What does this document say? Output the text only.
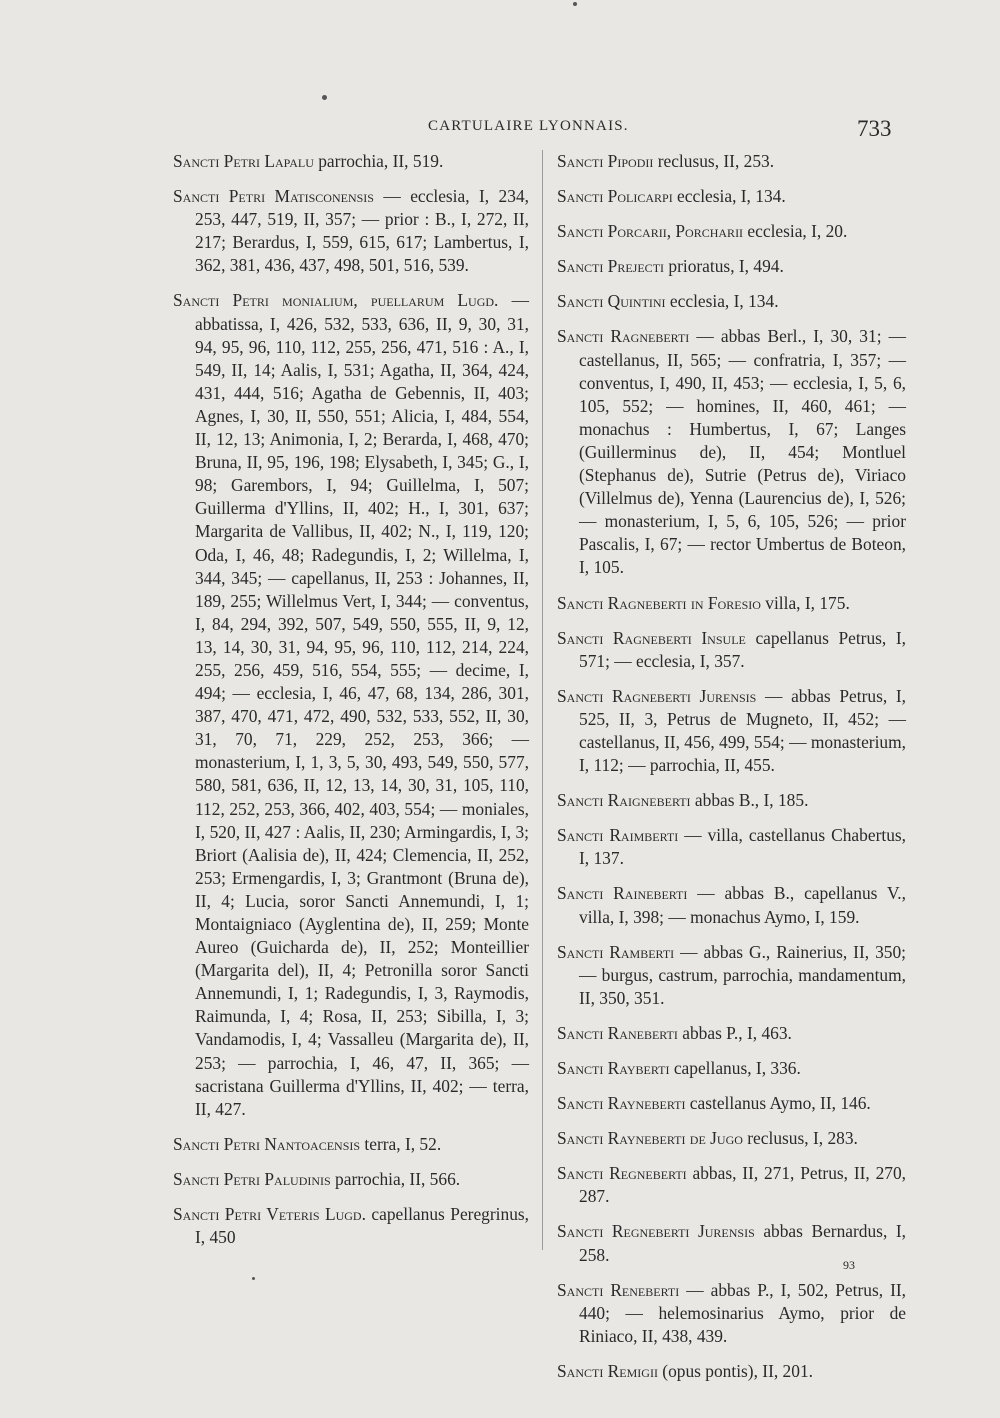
CARTULAIRE LYONNAIS.	733

Sancti Petri Lapalu parrochia, II, 519.

Sancti Petri Matisconensis — ecclesia, I, 234, 253, 447, 519, II, 357; — prior : B., I, 272, II, 217; Berardus, I, 559, 615, 617; Lambertus, I, 362, 381, 436, 437, 498, 501, 516, 539.

Sancti Petri monialium, puellarum Lugd. — abbatissa, I, 426, 532, 533, 636, II, 9, 30, 31, 94, 95, 96, 110, 112, 255, 256, 471, 516 : A., I, 549, II, 14; Aalis, I, 531; Agatha, II, 364, 424, 431, 444, 516; Agatha de Gebennis, II, 403; Agnes, I, 30, II, 550, 551; Alicia, I, 484, 554, II, 12, 13; Animonia, I, 2; Berarda, I, 468, 470; Bruna, II, 95, 196, 198; Elysabeth, I, 345; G., I, 98; Garembors, I, 94; Guillelma, I, 507; Guillerma d'Yllins, II, 402; H., I, 301, 637; Margarita de Vallibus, II, 402; N., I, 119, 120; Oda, I, 46, 48; Radegundis, I, 2; Willelma, I, 344, 345; — capellanus, II, 253 : Johannes, II, 189, 255; Willelmus Vert, I, 344; — conventus, I, 84, 294, 392, 507, 549, 550, 555, II, 9, 12, 13, 14, 30, 31, 94, 95, 96, 110, 112, 214, 224, 255, 256, 459, 516, 554, 555; — decime, I, 494; — ecclesia, I, 46, 47, 68, 134, 286, 301, 387, 470, 471, 472, 490, 532, 533, 552, II, 30, 31, 70, 71, 229, 252, 253, 366; — monasterium, I, 1, 3, 5, 30, 493, 549, 550, 577, 580, 581, 636, II, 12, 13, 14, 30, 31, 105, 110, 112, 252, 253, 366, 402, 403, 554; — moniales, I, 520, II, 427 : Aalis, II, 230; Armingardis, I, 3; Briort (Aalisia de), II, 424; Clemencia, II, 252, 253; Ermengardis, I, 3; Grantmont (Bruna de), II, 4; Lucia, soror Sancti Annemundi, I, 1; Montaigniaco (Ayglentina de), II, 259; Monte Aureo (Guicharda de), II, 252; Monteillier (Margarita del), II, 4; Petronilla soror Sancti Annemundi, I, 1; Radegundis, I, 3, Raymodis, Raimunda, I, 4; Rosa, II, 253; Sibilla, I, 3; Vandamodis, I, 4; Vassalleu (Margarita de), II, 253; — parrochia, I, 46, 47, II, 365; — sacristana Guillerma d'Yllins, II, 402; — terra, II, 427.

Sancti Petri Nantoacensis terra, I, 52.

Sancti Petri Paludinis parrochia, II, 566.

Sancti Petri Veteris Lugd. capellanus Peregrinus, I, 450

Sancti Pipodii reclusus, II, 253.

Sancti Policarpi ecclesia, I, 134.

Sancti Porcarii, Porcharii ecclesia, I, 20.

Sancti Prejecti prioratus, I, 494.

Sancti Quintini ecclesia, I, 134.

Sancti Ragneberti — abbas Berl., I, 30, 31; — castellanus, II, 565; — confratria, I, 357; — conventus, I, 490, II, 453; — ecclesia, I, 5, 6, 105, 552; — homines, II, 460, 461; — monachus : Humbertus, I, 67; Langes (Guillerminus de), II, 454; Montluel (Stephanus de), Sutrie (Petrus de), Viriaco (Villelmus de), Yenna (Laurencius de), I, 526; — monasterium, I, 5, 6, 105, 526; — prior Pascalis, I, 67; — rector Umbertus de Boteon, I, 105.

Sancti Ragneberti in Foresio villa, I, 175.

Sancti Ragneberti Insule capellanus Petrus, I, 571; — ecclesia, I, 357.

Sancti Ragneberti Jurensis — abbas Petrus, I, 525, II, 3, Petrus de Mugneto, II, 452; — castellanus, II, 456, 499, 554; — monasterium, I, 112; — parrochia, II, 455.

Sancti Raigneberti abbas B., I, 185.

Sancti Raimberti — villa, castellanus Chabertus, I, 137.

Sancti Raineberti — abbas B., capellanus V., villa, I, 398; — monachus Aymo, I, 159.

Sancti Ramberti — abbas G., Rainerius, II, 350; — burgus, castrum, parrochia, mandamentum, II, 350, 351.

Sancti Raneberti abbas P., I, 463.

Sancti Rayberti capellanus, I, 336.

Sancti Rayneberti castellanus Aymo, II, 146.

Sancti Rayneberti de Jugo reclusus, I, 283.

Sancti Regneberti abbas, II, 271, Petrus, II, 270, 287.

Sancti Regneberti Jurensis abbas Bernardus, I, 258.

Sancti Reneberti — abbas P., I, 502, Petrus, II, 440; — helemosinarius Aymo, prior de Riniaco, II, 438, 439.

Sancti Remigii (opus pontis), II, 201.

93
